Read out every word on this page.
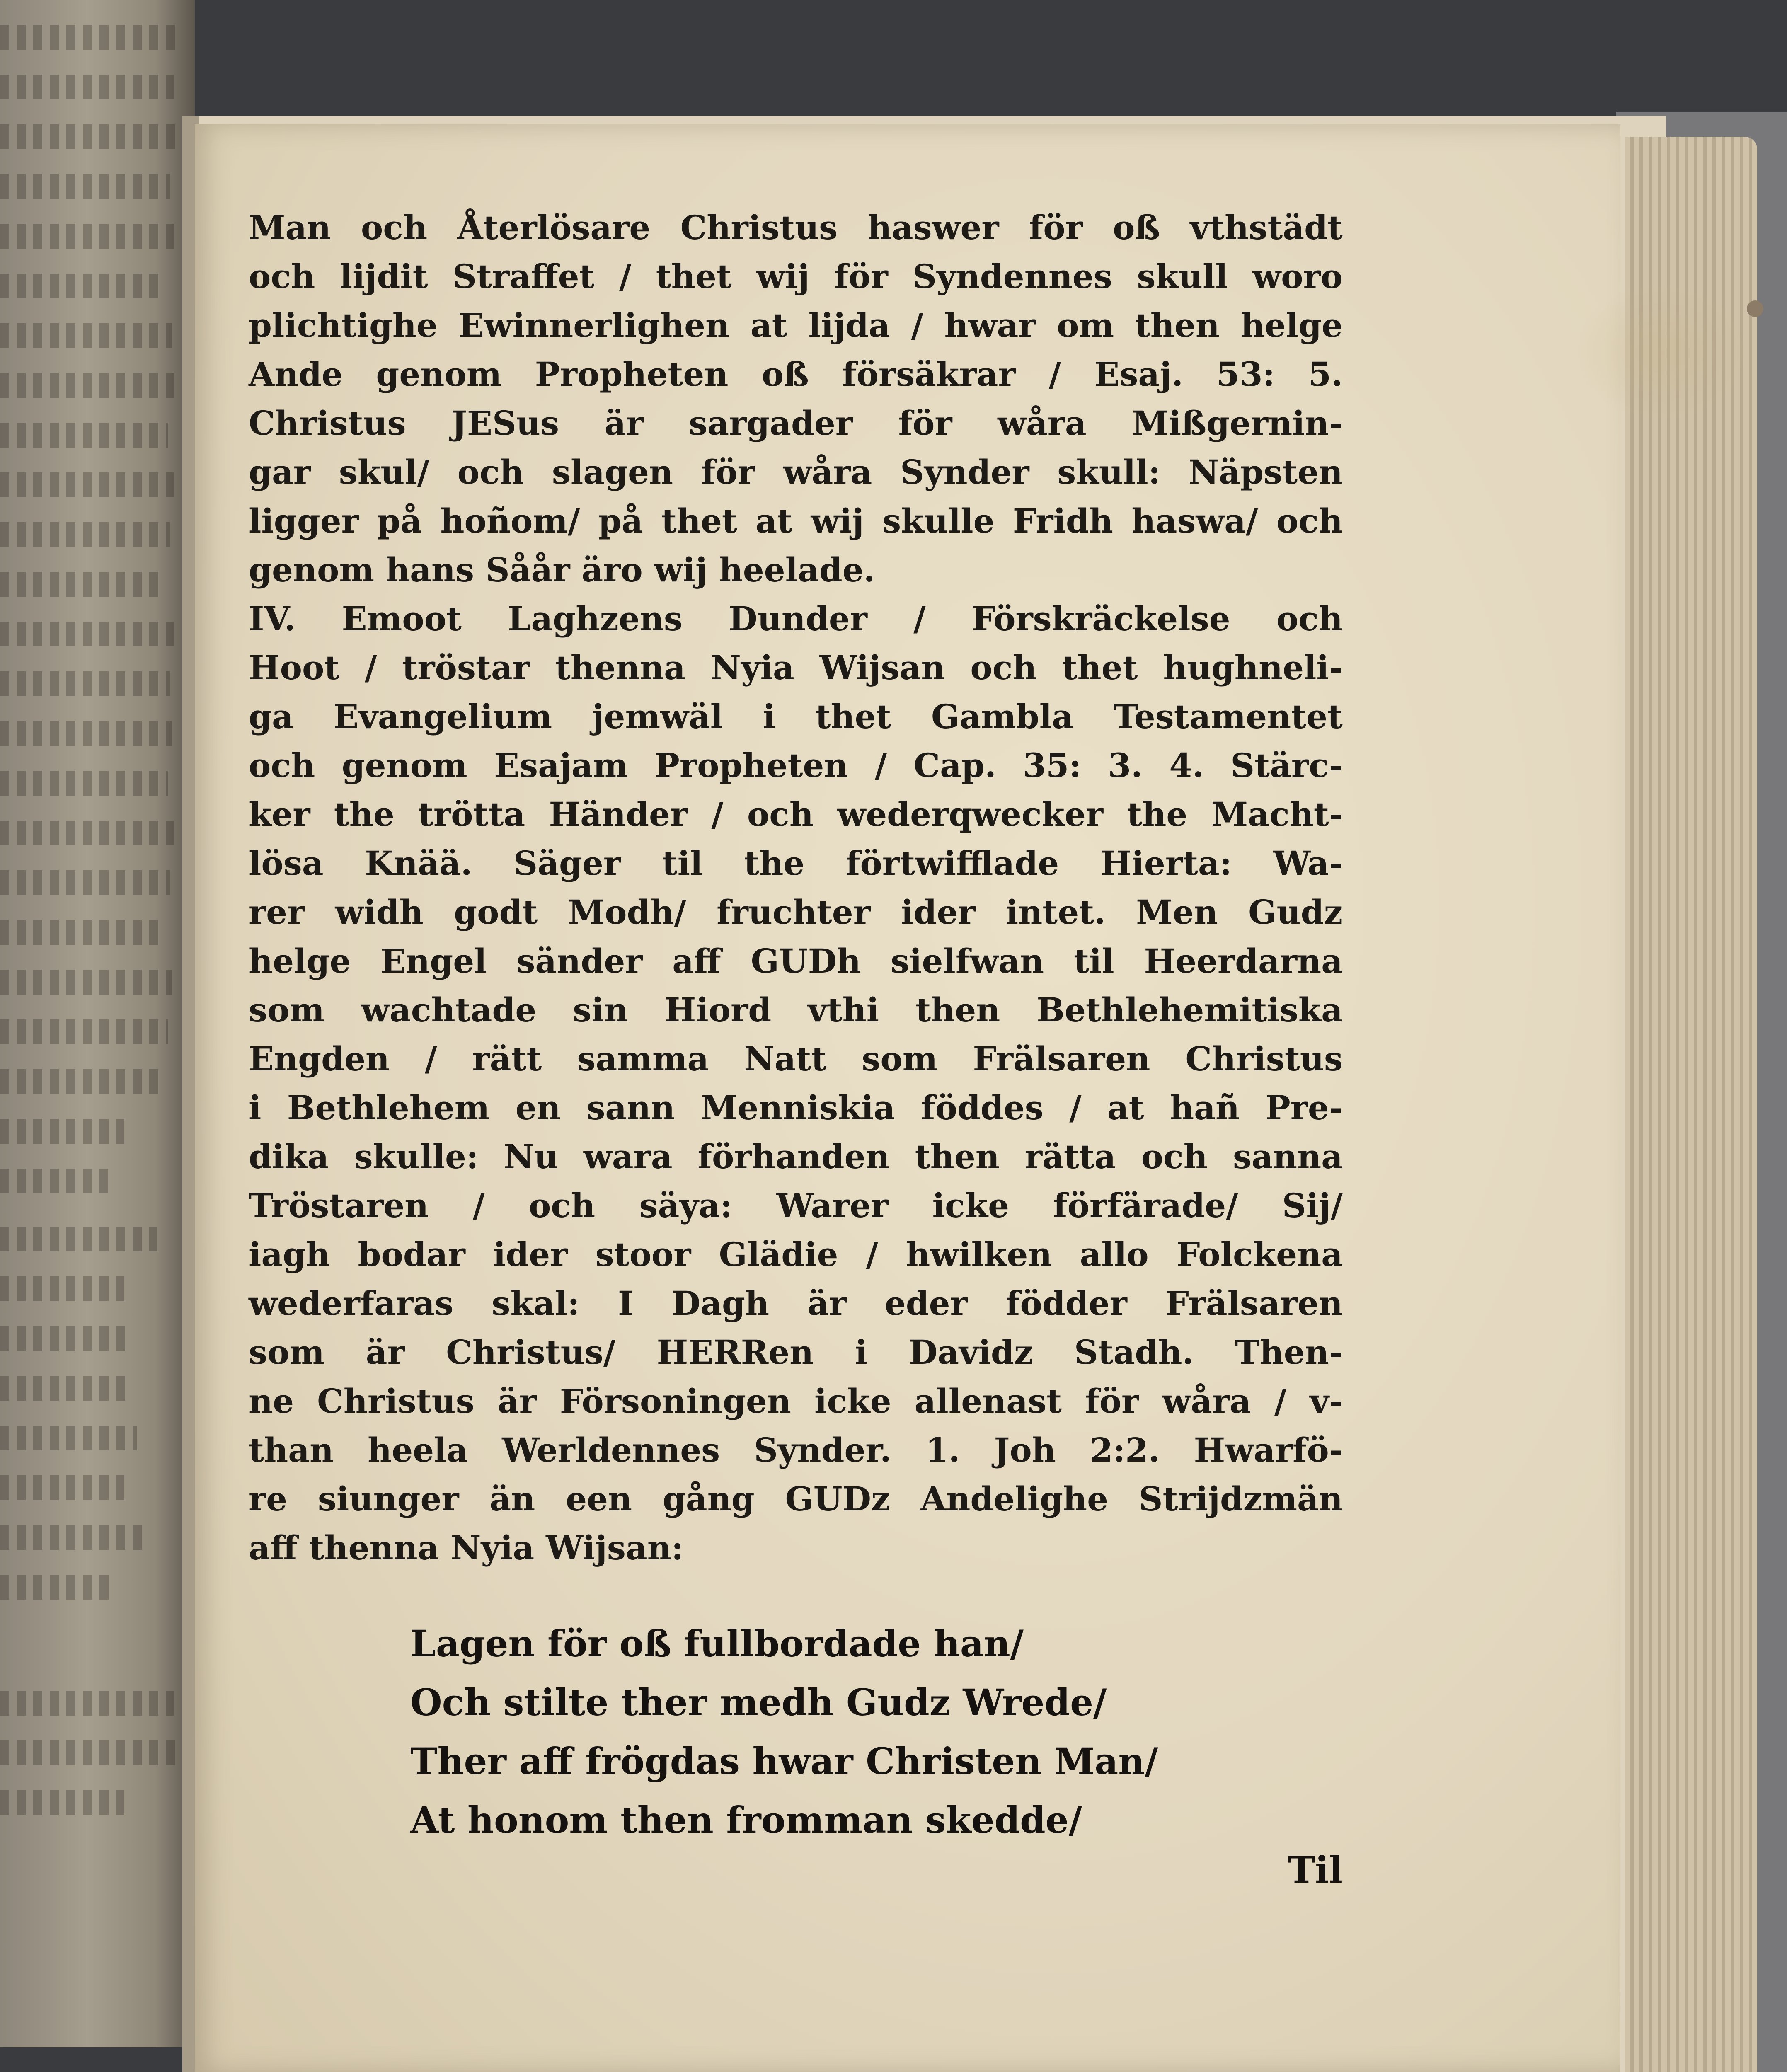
Man och Återlösare Christus haswer för oß vthstädt
och lijdit Straffet / thet wij för Syndennes skull woro
plichtighe Ewinnerlighen at lijda / hwar om then helge
Ande genom Propheten oß försäkrar / Esaj. 53: 5.
Christus JESus är sargader för wåra Mißgernin-
gar skul/ och slagen för wåra Synder skull: Näpsten
ligger på hoñom/ på thet at wij skulle Fridh haswa/ och
genom hans Såår äro wij heelade.
IV. Emoot Laghzens Dunder / Förskräckelse och
Hoot / tröstar thenna Nyia Wijsan och thet hughneli-
ga Evangelium jemwäl i thet Gambla Testamentet
och genom Esajam Propheten / Cap. 35: 3. 4. Stärc-
ker the trötta Händer / och wederqwecker the Macht-
lösa Knää. Säger til the förtwifflade Hierta: Wa-
rer widh godt Modh/ fruchter ider intet. Men Gudz
helge Engel sänder aff GUDh sielfwan til Heerdarna
som wachtade sin Hiord vthi then Bethlehemitiska
Engden / rätt samma Natt som Frälsaren Christus
i Bethlehem en sann Menniskia föddes / at hañ Pre-
dika skulle: Nu wara förhanden then rätta och sanna
Tröstaren / och säya: Warer icke förfärade/ Sij/
iagh bodar ider stoor Glädie / hwilken allo Folckena
wederfaras skal: I Dagh är eder födder Frälsaren
som är Christus/ HERRen i Davidz Stadh. Then-
ne Christus är Försoningen icke allenast för wåra / v-
than heela Werldennes Synder. 1. Joh 2:2. Hwarfö-
re siunger än een gång GUDz Andelighe Strijdzmän
aff thenna Nyia Wijsan:
Lagen för oß fullbordade han/
Och stilte ther medh Gudz Wrede/
Ther aff frögdas hwar Christen Man/
At honom then fromman skedde/
Til
